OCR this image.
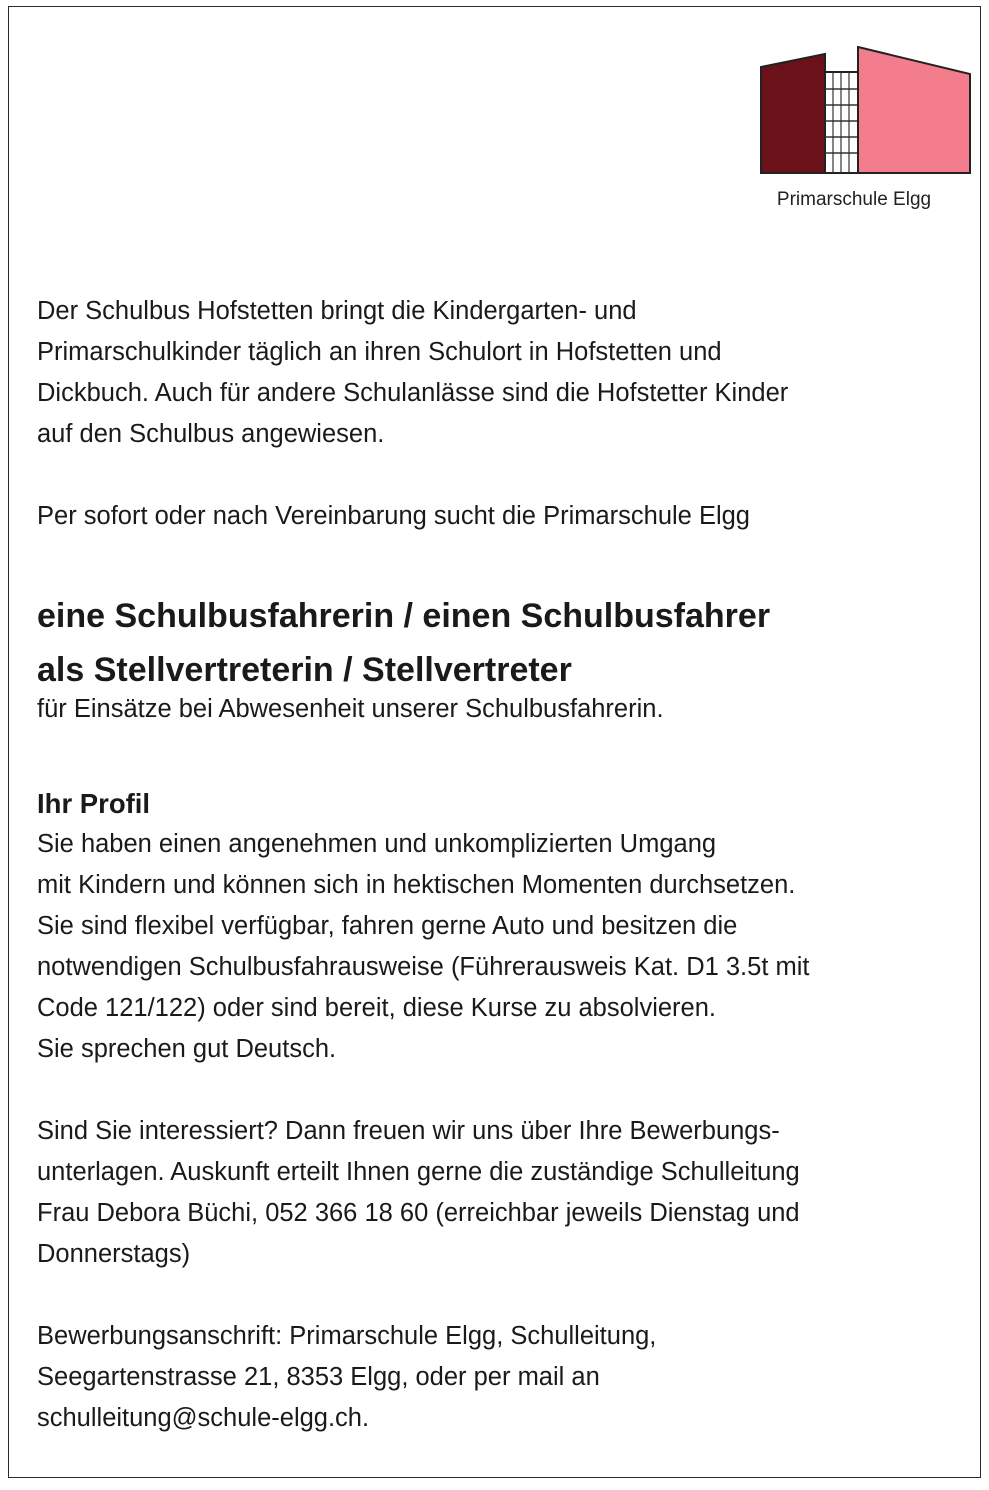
Primarschule Elgg

Der Schulbus Hofstetten bringt die Kindergarten- und

Primarschulkinder täglich an ihren Schulort in Hofstetten und

Dickbuch. Auch für andere Schulanlässe sind die Hofstetter Kinder

auf den Schulbus angewiesen.

Per sofort oder nach Vereinbarung sucht die Primarschule Elgg

eine Schulbusfahrerin / einen Schulbusfahrer

als Stellvertreterin / Stellvertreter

für Einsätze bei Abwesenheit unserer Schulbusfahrerin.

Ihr Profil

Sie haben einen angenehmen und unkomplizierten Umgang

mit Kindern und können sich in hektischen Momenten durchsetzen.

Sie sind flexibel verfügbar, fahren gerne Auto und besitzen die

notwendigen Schulbusfahrausweise (Führerausweis Kat. D1 3.5t mit

Code 121/122) oder sind bereit, diese Kurse zu absolvieren.

Sie sprechen gut Deutsch.

Sind Sie interessiert? Dann freuen wir uns über Ihre Bewerbungs-

unterlagen. Auskunft erteilt Ihnen gerne die zuständige Schulleitung

Frau Debora Büchi, 052 366 18 60 (erreichbar jeweils Dienstag und

Donnerstags)

Bewerbungsanschrift: Primarschule Elgg, Schulleitung,

Seegartenstrasse 21, 8353 Elgg, oder per mail an

schulleitung@schule-elgg.ch.
